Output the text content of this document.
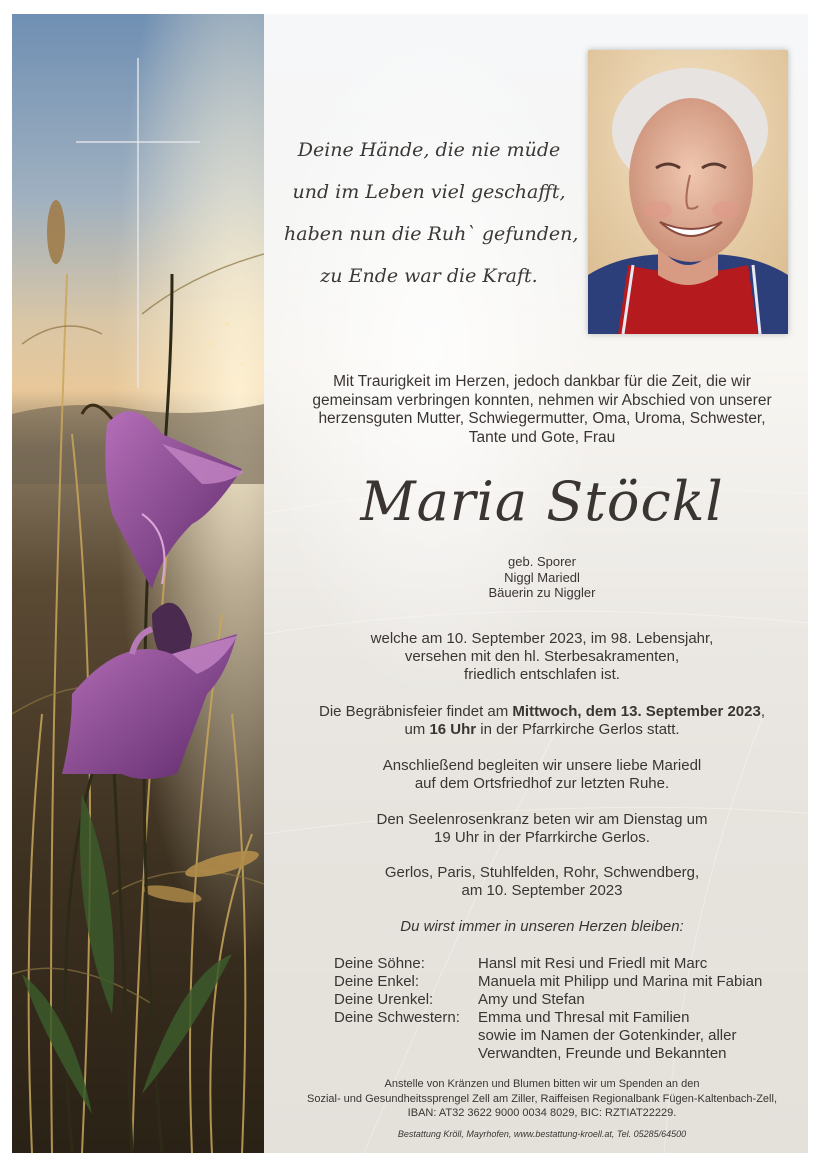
Deine Hände, die nie müde
und im Leben viel geschafft,
haben nun die Ruh` gefunden,
zu Ende war die Kraft.
Mit Traurigkeit im Herzen, jedoch dankbar für die Zeit, die wir
gemeinsam verbringen konnten, nehmen wir Abschied von unserer
herzensguten Mutter, Schwiegermutter, Oma, Uroma, Schwester,
Tante und Gote, Frau
Maria Stöckl
geb. Sporer
Niggl Mariedl
Bäuerin zu Niggler
welche am 10. September 2023, im 98. Lebensjahr,
versehen mit den hl. Sterbesakramenten,
friedlich entschlafen ist.
Die Begräbnisfeier findet am Mittwoch, dem 13. September 2023,
um 16 Uhr in der Pfarrkirche Gerlos statt.
Anschließend begleiten wir unsere liebe Mariedl
auf dem Ortsfriedhof zur letzten Ruhe.
Den Seelenrosenkranz beten wir am Dienstag um
19 Uhr in der Pfarrkirche Gerlos.
Gerlos, Paris, Stuhlfelden, Rohr, Schwendberg,
am 10. September 2023
Du wirst immer in unseren Herzen bleiben:
Deine Söhne:	Hansl mit Resi und Friedl mit Marc
Deine Enkel:	Manuela mit Philipp und Marina mit Fabian
Deine Urenkel:	Amy und Stefan
Deine Schwestern: Emma und Thresal mit Familien
sowie im Namen der Gotenkinder, aller
Verwandten, Freunde und Bekannten
Anstelle von Kränzen und Blumen bitten wir um Spenden an den
Sozial- und Gesundheitssprengel Zell am Ziller, Raiffeisen Regionalbank Fügen-Kaltenbach-Zell,
IBAN: AT32 3622 9000 0034 8029, BIC: RZTIAT22229.
Bestattung Kröll, Mayrhofen, www.bestattung-kroell.at, Tel. 05285/64500
